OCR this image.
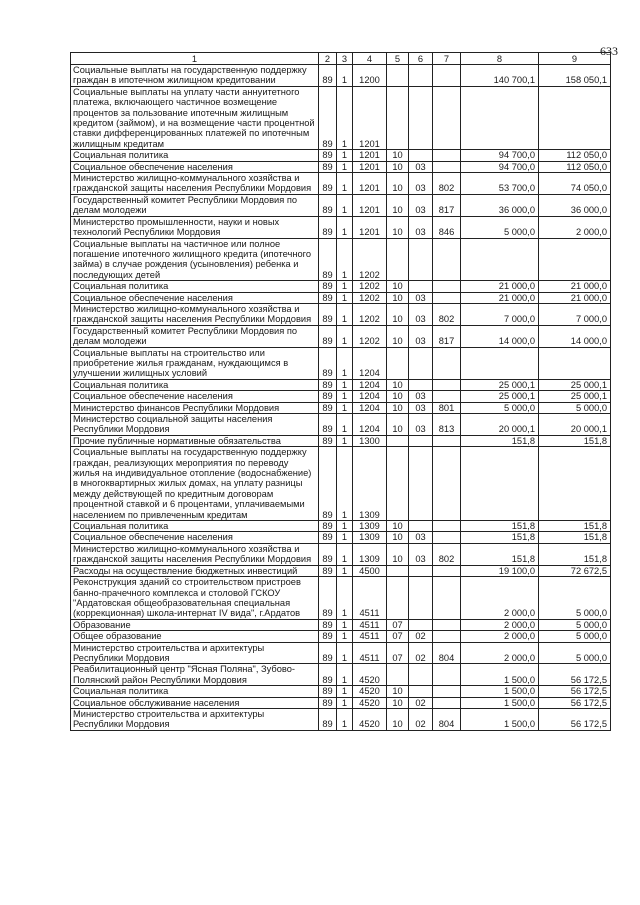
633
1	2	3	4	5	6	7	8	9
Социальные выплаты на государственную поддержку граждан в ипотечном жилищном кредитовании	89	1	1200				140 700,1	158 050,1
Социальные выплаты на уплату части аннуитетного платежа, включающего частичное возмещение процентов за пользование ипотечным жилищным кредитом (займом), и на возмещение части процентной ставки дифференцированных платежей по ипотечным жилищным кредитам	89	1	1201					
Социальная политика	89	1	1201	10			94 700,0	112 050,0
Социальное обеспечение населения	89	1	1201	10	03		94 700,0	112 050,0
Министерство жилищно-коммунального хозяйства и гражданской защиты населения Республики Мордовия	89	1	1201	10	03	802	53 700,0	74 050,0
Государственный комитет Республики Мордовия по делам молодежи	89	1	1201	10	03	817	36 000,0	36 000,0
Министерство промышленности, науки и новых технологий Республики Мордовия	89	1	1201	10	03	846	5 000,0	2 000,0
Социальные выплаты на частичное или полное погашение ипотечного жилищного кредита (ипотечного займа) в случае рождения (усыновления) ребенка и последующих детей	89	1	1202					
Социальная политика	89	1	1202	10			21 000,0	21 000,0
Социальное обеспечение населения	89	1	1202	10	03		21 000,0	21 000,0
Министерство жилищно-коммунального хозяйства и гражданской защиты населения Республики Мордовия	89	1	1202	10	03	802	7 000,0	7 000,0
Государственный комитет Республики Мордовия по делам молодежи	89	1	1202	10	03	817	14 000,0	14 000,0
Социальные выплаты на строительство или приобретение жилья гражданам, нуждающимся в улучшении жилищных условий	89	1	1204					
Социальная политика	89	1	1204	10			25 000,1	25 000,1
Социальное обеспечение населения	89	1	1204	10	03		25 000,1	25 000,1
Министерство финансов Республики Мордовия	89	1	1204	10	03	801	5 000,0	5 000,0
Министерство социальной защиты населения Республики Мордовия	89	1	1204	10	03	813	20 000,1	20 000,1
Прочие публичные нормативные обязательства	89	1	1300				151,8	151,8
Социальные выплаты на государственную поддержку граждан, реализующих мероприятия по переводу жилья на индивидуальное отопление (водоснабжение) в многоквартирных жилых домах, на уплату разницы между действующей по кредитным договорам процентной ставкой и 6 процентами, уплачиваемыми населением по привлеченным кредитам	89	1	1309					
Социальная политика	89	1	1309	10			151,8	151,8
Социальное обеспечение населения	89	1	1309	10	03		151,8	151,8
Министерство жилищно-коммунального хозяйства и гражданской защиты населения Республики Мордовия	89	1	1309	10	03	802	151,8	151,8
Расходы на осуществление бюджетных инвестиций	89	1	4500				19 100,0	72 672,5
Реконструкция зданий со строительством пристроев банно-прачечного комплекса и столовой ГСКОУ "Ардатовская общеобразовательная специальная (коррекционная) школа-интернат IV вида", г.Ардатов	89	1	4511				2 000,0	5 000,0
Образование	89	1	4511	07			2 000,0	5 000,0
Общее образование	89	1	4511	07	02		2 000,0	5 000,0
Министерство строительства и архитектуры Республики Мордовия	89	1	4511	07	02	804	2 000,0	5 000,0
Реабилитационный центр "Ясная Поляна", Зубово-Полянский район Республики Мордовия	89	1	4520				1 500,0	56 172,5
Социальная политика	89	1	4520	10			1 500,0	56 172,5
Социальное обслуживание населения	89	1	4520	10	02		1 500,0	56 172,5
Министерство строительства и архитектуры Республики Мордовия	89	1	4520	10	02	804	1 500,0	56 172,5
